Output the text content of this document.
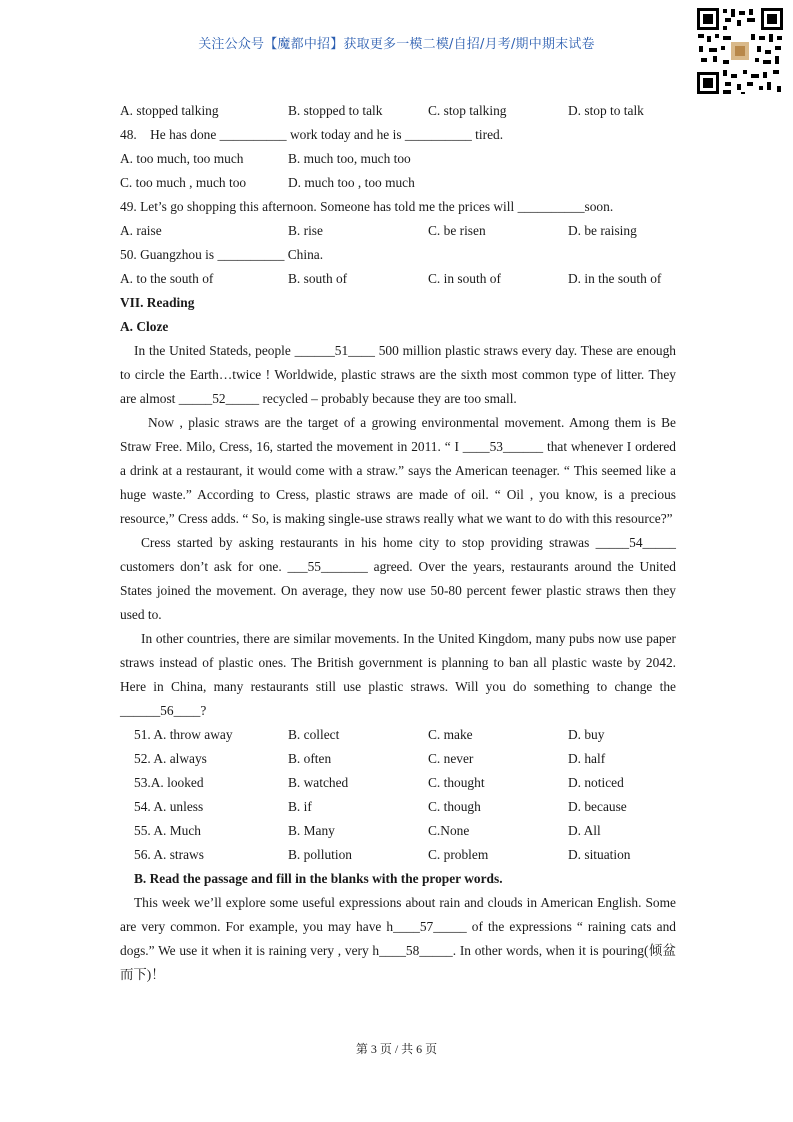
关注公众号【魔都中招】获取更多一模二模/自招/月考/期中期末试卷
A. stopped talking	B. stopped to talk	C. stop talking	D. stop to talk
48.    He has done __________ work today and he is __________ tired.
A. too much, too much	B. much too, much too
C. too much , much too	D. much too , too much
49. Let’s go shopping this afternoon. Someone has told me the prices will __________soon.
A. raise	B. rise	C. be risen	D. be raising
50. Guangzhou is __________ China.
A. to the south of	B. south of	C. in south of	D. in the south of
VII. Reading
A. Cloze

In the United Stateds, people ______51____ 500 million plastic straws every day. These are enough to circle the Earth…twice ! Worldwide, plastic straws are the sixth most common type of litter. They are almost _____52_____ recycled – probably because they are too small.

Now , plasic straws are the target of a growing environmental movement. Among them is Be Straw Free. Milo, Cress, 16, started the movement in 2011. “ I ____53______ that whenever I ordered a drink at a restaurant, it would come with a straw.” says the American teenager. “ This seemed like a huge waste.” According to Cress, plastic straws are made of oil. “ Oil , you know, is a precious resource,” Cress adds. “ So, is making single-use straws really what we want to do with this resource?”

Cress started by asking restaurants in his home city to stop providing strawas _____54_____ customers don’t ask for one. ___55_______ agreed. Over the years, restaurants around the United States joined the movement. On average, they now use 50-80 percent fewer plastic straws then they used to.

In other countries, there are similar movements. In the United Kingdom, many pubs now use paper straws instead of plastic ones. The British government is planning to ban all plastic waste by 2042. Here in China, many restaurants still use plastic straws. Will you do something to change the ______56____?

51. A. throw away	B. collect	C. make	D. buy
52. A. always	B. often	C. never	D. half
53.A. looked	B. watched	C. thought	D. noticed
54. A. unless	B. if	C. though	D. because
55. A. Much	B. Many	C.None	D. All
56. A. straws	B. pollution	C. problem	D. situation
B. Read the passage and fill in the blanks with the proper words.

This week we’ll explore some useful expressions about rain and clouds in American English. Some are very common. For example, you may have h____57_____ of the expressions “ raining cats and dogs.” We use it when it is raining very , very h____58_____. In other words, when it is pouring(倾盆而下)！

第 3 页 / 共 6 页
